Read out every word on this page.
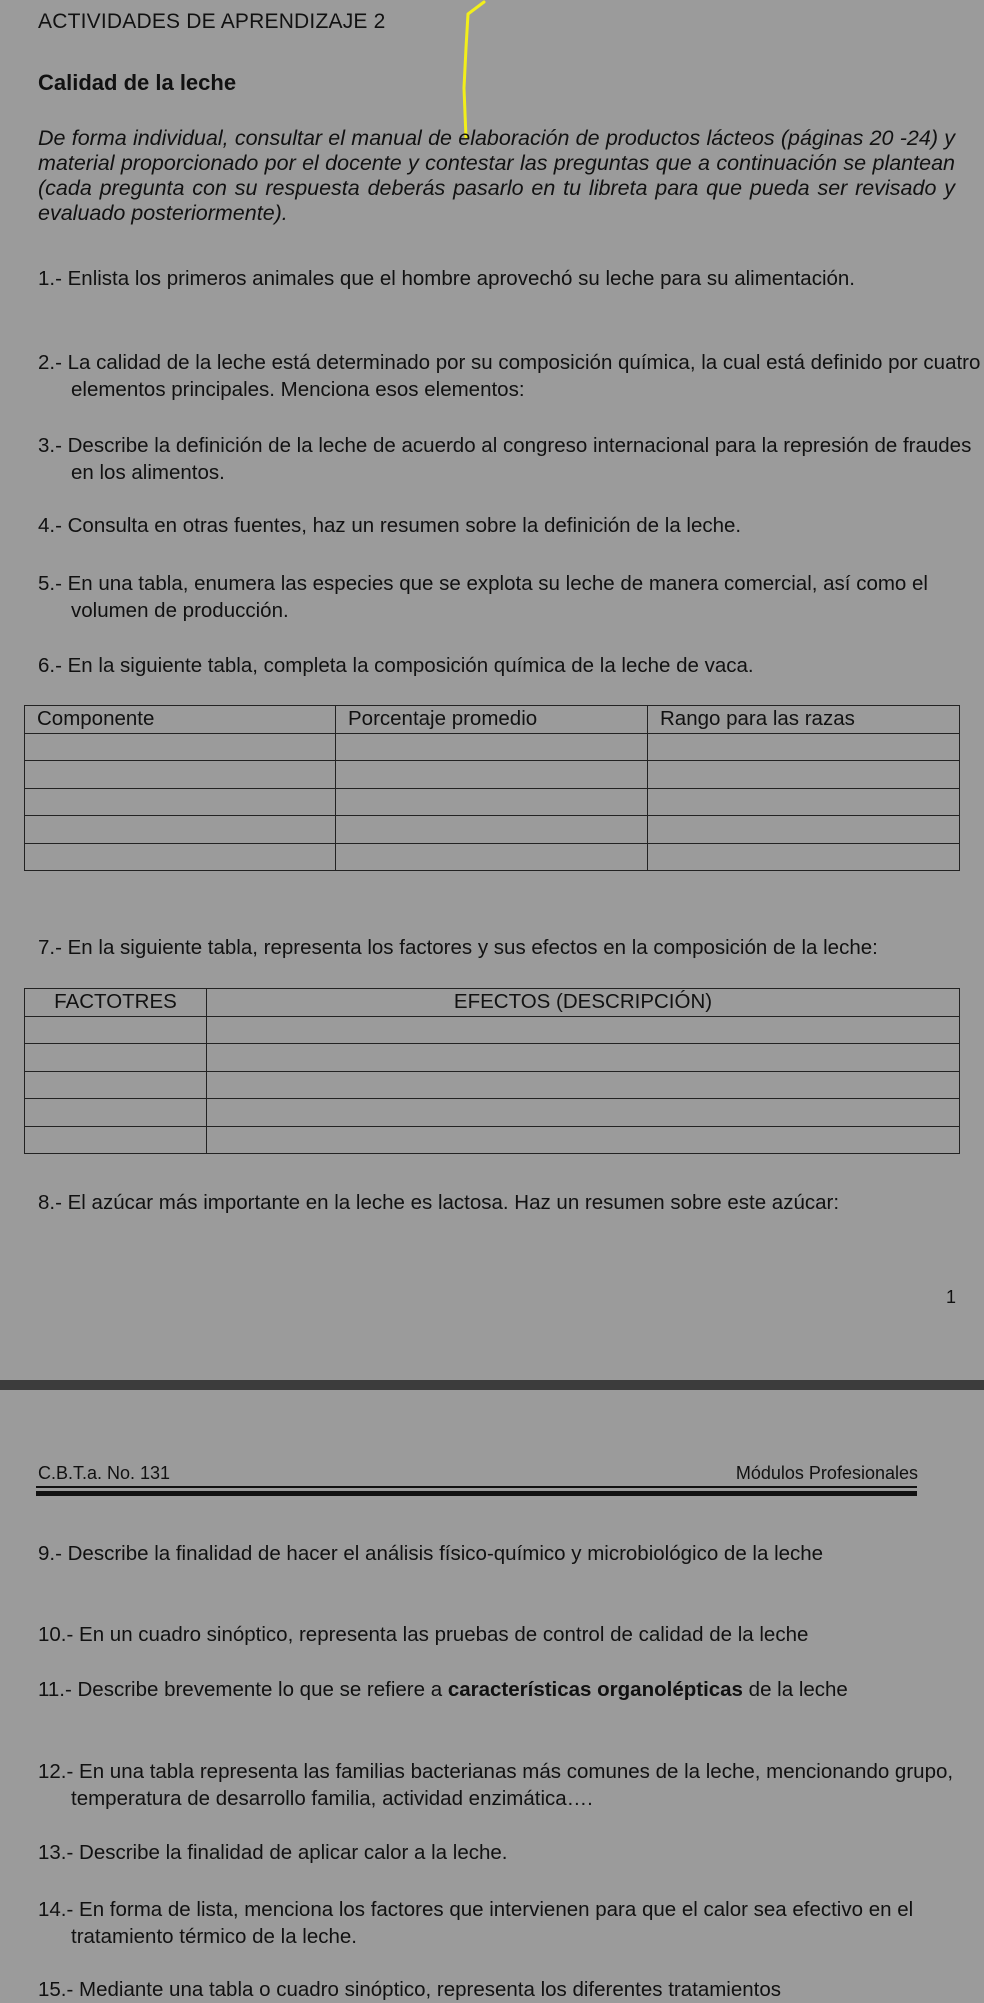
ACTIVIDADES DE APRENDIZAJE 2
Calidad de la leche
De forma individual, consultar el manual de elaboración de productos lácteos (páginas 20 -24) y material proporcionado por el docente y contestar las preguntas que a continuación se plantean (cada pregunta con su respuesta deberás pasarlo en tu libreta para que pueda ser revisado y evaluado posteriormente).
1.- Enlista los primeros animales que el hombre aprovechó su leche para su alimentación.
2.- La calidad de la leche está determinado por su composición química, la cual está definido por cuatro elementos principales. Menciona esos elementos:
3.- Describe la definición de la leche de acuerdo al congreso internacional para la represión de fraudes en los alimentos.
4.- Consulta en otras fuentes, haz un resumen sobre la definición de la leche.
5.- En una tabla, enumera las especies que se explota su leche de manera comercial, así como el volumen de producción.
6.- En la siguiente tabla, completa la composición química de la leche de vaca.
Componente	Porcentaje promedio	Rango para las razas

7.- En la siguiente tabla, representa los factores y sus efectos en la composición de la leche:
FACTOTRES	EFECTOS (DESCRIPCIÓN)

8.- El azúcar más importante en la leche es lactosa. Haz un resumen sobre este azúcar:
1
C.B.T.a. No. 131	Módulos Profesionales
9.- Describe la finalidad de hacer el análisis físico-químico y microbiológico de la leche
10.- En un cuadro sinóptico, representa las pruebas de control de calidad de la leche
11.- Describe brevemente lo que se refiere a características organolépticas de la leche
12.- En una tabla representa las familias bacterianas más comunes de la leche, mencionando grupo, temperatura de desarrollo familia, actividad enzimática….
13.- Describe la finalidad de aplicar calor a la leche.
14.- En forma de lista, menciona los factores que intervienen para que el calor sea efectivo en el tratamiento térmico de la leche.
15.- Mediante una tabla o cuadro sinóptico, representa los diferentes tratamientos
